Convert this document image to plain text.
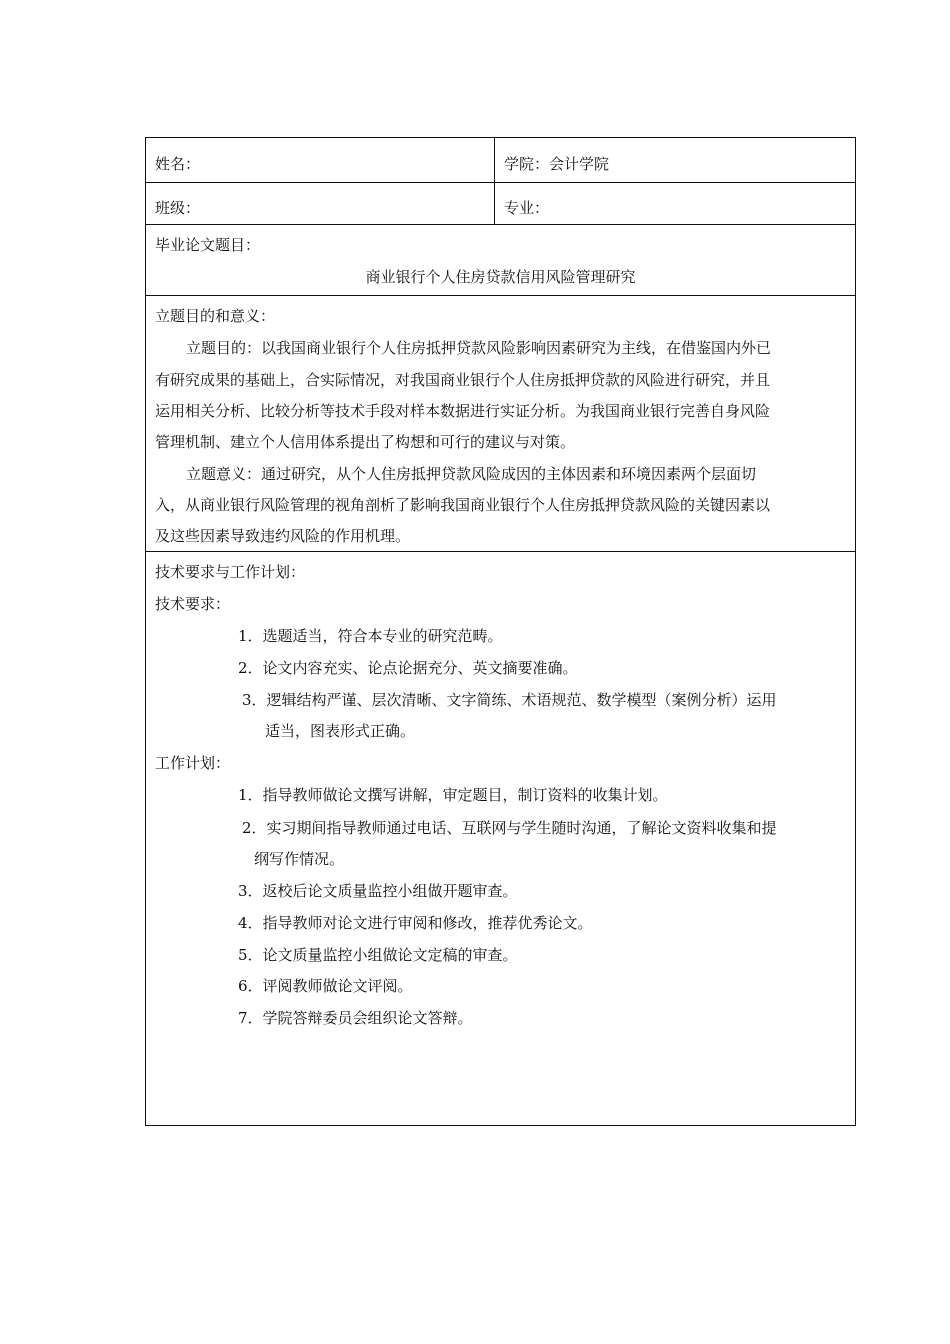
姓名：	学院：会计学院
班级：	专业：
毕业论文题目：
商业银行个人住房贷款信用风险管理研究
立题目的和意义：
立题目的：以我国商业银行个人住房抵押贷款风险影响因素研究为主线，在借鉴国内外已
有研究成果的基础上，合实际情况，对我国商业银行个人住房抵押贷款的风险进行研究，并且
运用相关分析、比较分析等技术手段对样本数据进行实证分析。为我国商业银行完善自身风险
管理机制、建立个人信用体系提出了构想和可行的建议与对策。
立题意义：通过研究，从个人住房抵押贷款风险成因的主体因素和环境因素两个层面切
入，从商业银行风险管理的视角剖析了影响我国商业银行个人住房抵押贷款风险的关键因素以
及这些因素导致违约风险的作用机理。
技术要求与工作计划：
技术要求：
1．选题适当，符合本专业的研究范畴。
2．论文内容充实、论点论据充分、英文摘要准确。
3．逻辑结构严谨、层次清晰、文字简练、术语规范、数学模型（案例分析）运用
适当，图表形式正确。
工作计划：
1．指导教师做论文撰写讲解，审定题目，制订资料的收集计划。
2．实习期间指导教师通过电话、互联网与学生随时沟通，了解论文资料收集和提
纲写作情况。
3．返校后论文质量监控小组做开题审查。
4．指导教师对论文进行审阅和修改，推荐优秀论文。
5．论文质量监控小组做论文定稿的审查。
6．评阅教师做论文评阅。
7．学院答辩委员会组织论文答辩。
